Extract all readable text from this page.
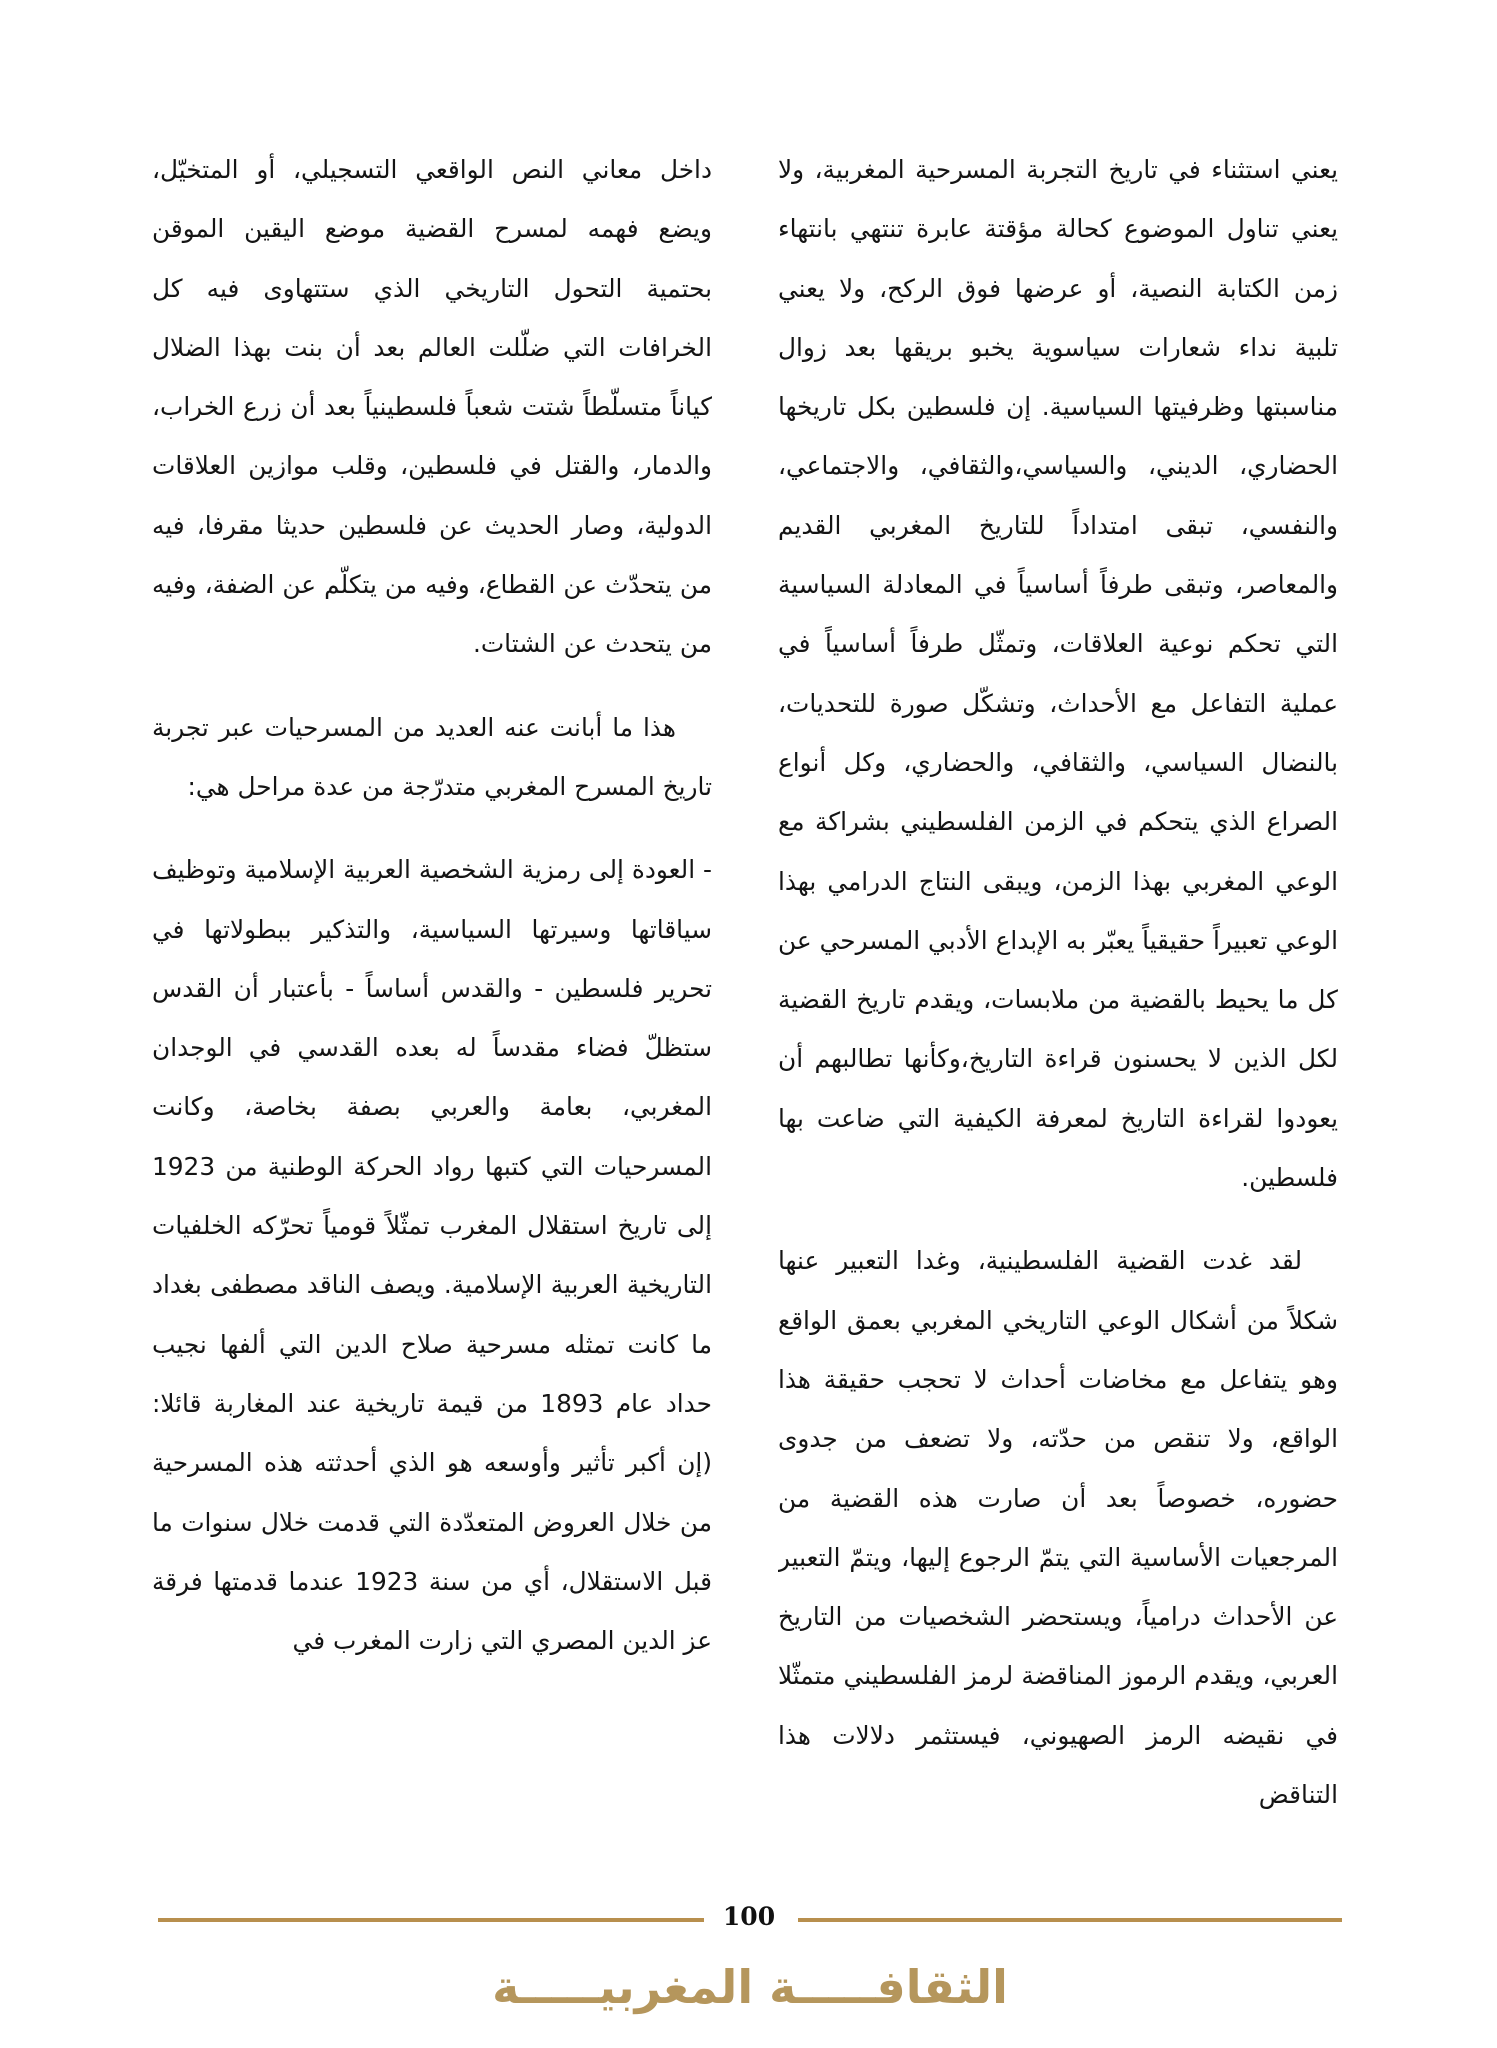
يعني استثناء في تاريخ التجربة المسرحية المغربية، ولا يعني تناول الموضوع كحالة مؤقتة عابرة تنتهي بانتهاء زمن الكتابة النصية، أو عرضها فوق الركح، ولا يعني تلبية نداء شعارات سياسوية يخبو بريقها بعد زوال مناسبتها وظرفيتها السياسية. إن فلسطين بكل تاريخها الحضاري، الديني، والسياسي،والثقافي، والاجتماعي، والنفسي، تبقى امتداداً للتاريخ المغربي القديم والمعاصر، وتبقى طرفاً أساسياً في المعادلة السياسية التي تحكم نوعية العلاقات، وتمثّل طرفاً أساسياً في عملية التفاعل مع الأحداث، وتشكّل صورة للتحديات، بالنضال السياسي، والثقافي، والحضاري، وكل أنواع الصراع الذي يتحكم في الزمن الفلسطيني بشراكة مع الوعي المغربي بهذا الزمن، ويبقى النتاج الدرامي بهذا الوعي تعبيراً حقيقياً يعبّر به الإبداع الأدبي المسرحي عن كل ما يحيط بالقضية من ملابسات، ويقدم تاريخ القضية لكل الذين لا يحسنون قراءة التاريخ،وكأنها تطالبهم أن يعودوا لقراءة التاريخ لمعرفة الكيفية التي ضاعت بها فلسطين.

لقد غدت القضية الفلسطينية، وغدا التعبير عنها شكلاً من أشكال الوعي التاريخي المغربي بعمق الواقع وهو يتفاعل مع مخاضات أحداث لا تحجب حقيقة هذا الواقع، ولا تنقص من حدّته، ولا تضعف من جدوى حضوره، خصوصاً بعد أن صارت هذه القضية من المرجعيات الأساسية التي يتمّ الرجوع إليها، ويتمّ التعبير عن الأحداث درامياً، ويستحضر الشخصيات من التاريخ العربي، ويقدم الرموز المناقضة لرمز الفلسطيني متمثّلا في نقيضه الرمز الصهيوني، فيستثمر دلالات هذا التناقض

داخل معاني النص الواقعي التسجيلي، أو المتخيّل، ويضع فهمه لمسرح القضية موضع اليقين الموقن بحتمية التحول التاريخي الذي ستتهاوى فيه كل الخرافات التي ضلّلت العالم بعد أن بنت بهذا الضلال كياناً متسلّطاً شتت شعباً فلسطينياً بعد أن زرع الخراب، والدمار، والقتل في فلسطين، وقلب موازين العلاقات الدولية، وصار الحديث عن فلسطين حديثا مقرفا، فيه من يتحدّث عن القطاع، وفيه من يتكلّم عن الضفة، وفيه من يتحدث عن الشتات.

هذا ما أبانت عنه العديد من المسرحيات عبر تجربة تاريخ المسرح المغربي متدرّجة من عدة مراحل هي:

- العودة إلى رمزية الشخصية العربية الإسلامية وتوظيف سياقاتها وسيرتها السياسية، والتذكير ببطولاتها في تحرير فلسطين - والقدس أساساً - بأعتبار أن القدس ستظلّ فضاء مقدساً له بعده القدسي في الوجدان المغربي، بعامة والعربي بصفة بخاصة، وكانت المسرحيات التي كتبها رواد الحركة الوطنية من 1923 إلى تاريخ استقلال المغرب تمثّلاً قومياً تحرّكه الخلفيات التاريخية العربية الإسلامية. ويصف الناقد مصطفى بغداد ما كانت تمثله مسرحية صلاح الدين التي ألفها نجيب حداد عام 1893 من قيمة تاريخية عند المغاربة قائلا: (إن أكبر تأثير وأوسعه هو الذي أحدثته هذه المسرحية من خلال العروض المتعدّدة التي قدمت خلال سنوات ما قبل الاستقلال، أي من سنة 1923 عندما قدمتها فرقة عز الدين المصري التي زارت المغرب في

100
الثقافـــــة المغربيـــــة
